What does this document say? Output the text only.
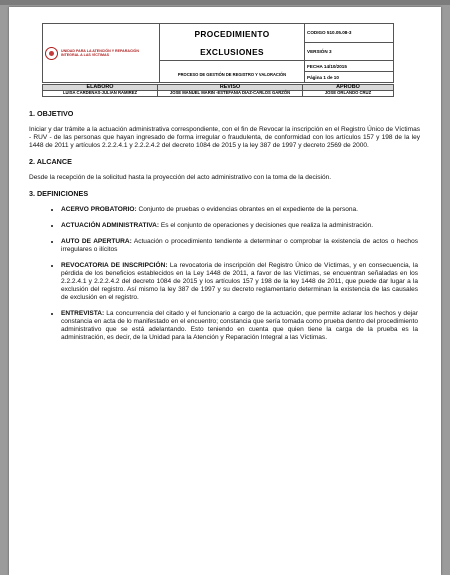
UNIDAD PARA LA ATENCIÓN Y REPARACIÓN INTEGRAL A LAS VÍCTIMAS	PROCEDIMIENTO EXCLUSIONES	CODIGO 510.05.08-3
		VERSIÓN 3
	PROCESO DE GESTIÓN DE REGISTRO Y VALORACIÓN	FECHA 14/10/2015
		Página 1 de 10
ELABORO	REVISO	APROBO
LUISA CARDENAS-JULIAN RAMIREZ	JOSE MANUEL MARIN -ESTEFANIA DIAZ-CARLOS GARZÓN	JOSE ORLANDO CRUZ
1. OBJETIVO

Iniciar y dar trámite a la actuación administrativa correspondiente, con el fin de Revocar la inscripción en el Registro Único de Víctimas - RUV - de las personas que hayan ingresado de forma irregular o fraudulenta, de conformidad con los artículos 157 y 198 de la ley 1448 de 2011 y artículos 2.2.2.4.1 y 2.2.2.4.2 del decreto 1084 de 2015 y la ley 387 de 1997 y decreto 2569 de 2000.

2. ALCANCE

Desde la recepción de la solicitud hasta la proyección del acto administrativo con la toma de la decisión.

3. DEFINICIONES
• ACERVO PROBATORIO: Conjunto de pruebas o evidencias obrantes en el expediente de la persona.
• ACTUACIÓN ADMINISTRATIVA: Es el conjunto de operaciones y decisiones que realiza la administración.
• AUTO DE APERTURA: Actuación o procedimiento tendiente a determinar o comprobar la existencia de actos o hechos irregulares o ilícitos
• REVOCATORIA DE INSCRIPCIÓN: La revocatoria de inscripción del Registro Único de Víctimas, y en consecuencia, la pérdida de los beneficios establecidos en la Ley 1448 de 2011, a favor de las Víctimas, se encuentran señaladas en los 2.2.2.4.1 y 2.2.2.4.2 del decreto 1084 de 2015 y los artículos 157 y 198 de la ley 1448 de 2011, que puede dar lugar a la exclusión del registro. Así mismo la ley 387 de 1997 y su decreto reglamentario determinan la existencia de las causales de exclusión en el registro.
• ENTREVISTA: La concurrencia del citado y el funcionario a cargo de la actuación, que permite aclarar los hechos y dejar constancia en acta de lo manifestado en el encuentro; constancia que sería tomada como prueba dentro del procedimiento administrativo que se está adelantando. Esto teniendo en cuenta que quien tiene la carga de la prueba es la administración, es decir, de la Unidad para la Atención y Reparación Integral a las Víctimas.
